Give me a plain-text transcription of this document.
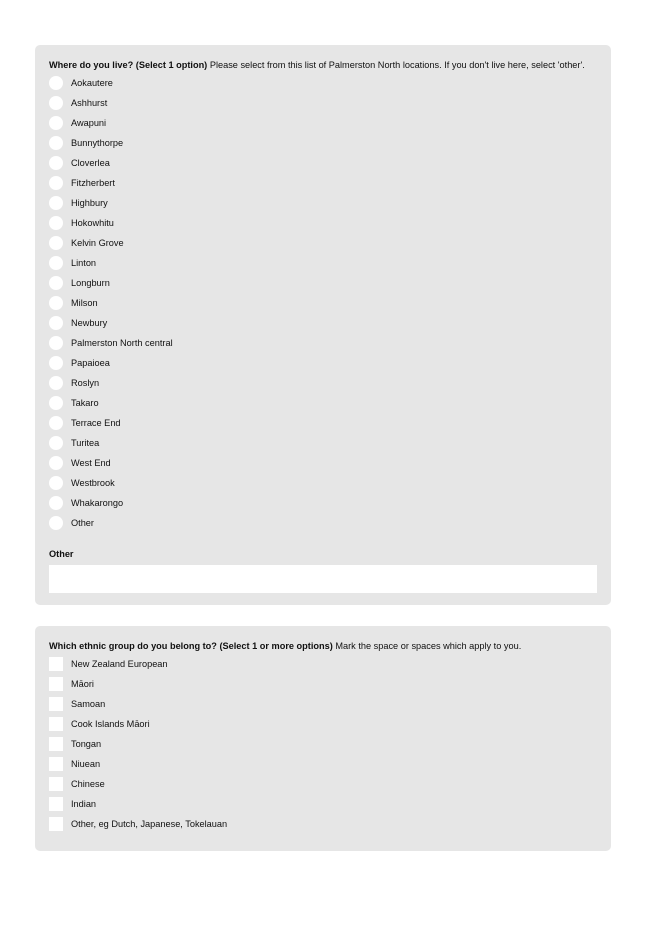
Where do you live? (Select 1 option) Please select from this list of Palmerston North locations. If you don't live here, select 'other'.
Aokautere
Ashhurst
Awapuni
Bunnythorpe
Cloverlea
Fitzherbert
Highbury
Hokowhitu
Kelvin Grove
Linton
Longburn
Milson
Newbury
Palmerston North central
Papaioea
Roslyn
Takaro
Terrace End
Turitea
West End
Westbrook
Whakarongo
Other
Other
Which ethnic group do you belong to? (Select 1 or more options) Mark the space or spaces which apply to you.
New Zealand European
Māori
Samoan
Cook Islands Māori
Tongan
Niuean
Chinese
Indian
Other, eg Dutch, Japanese, Tokelauan
